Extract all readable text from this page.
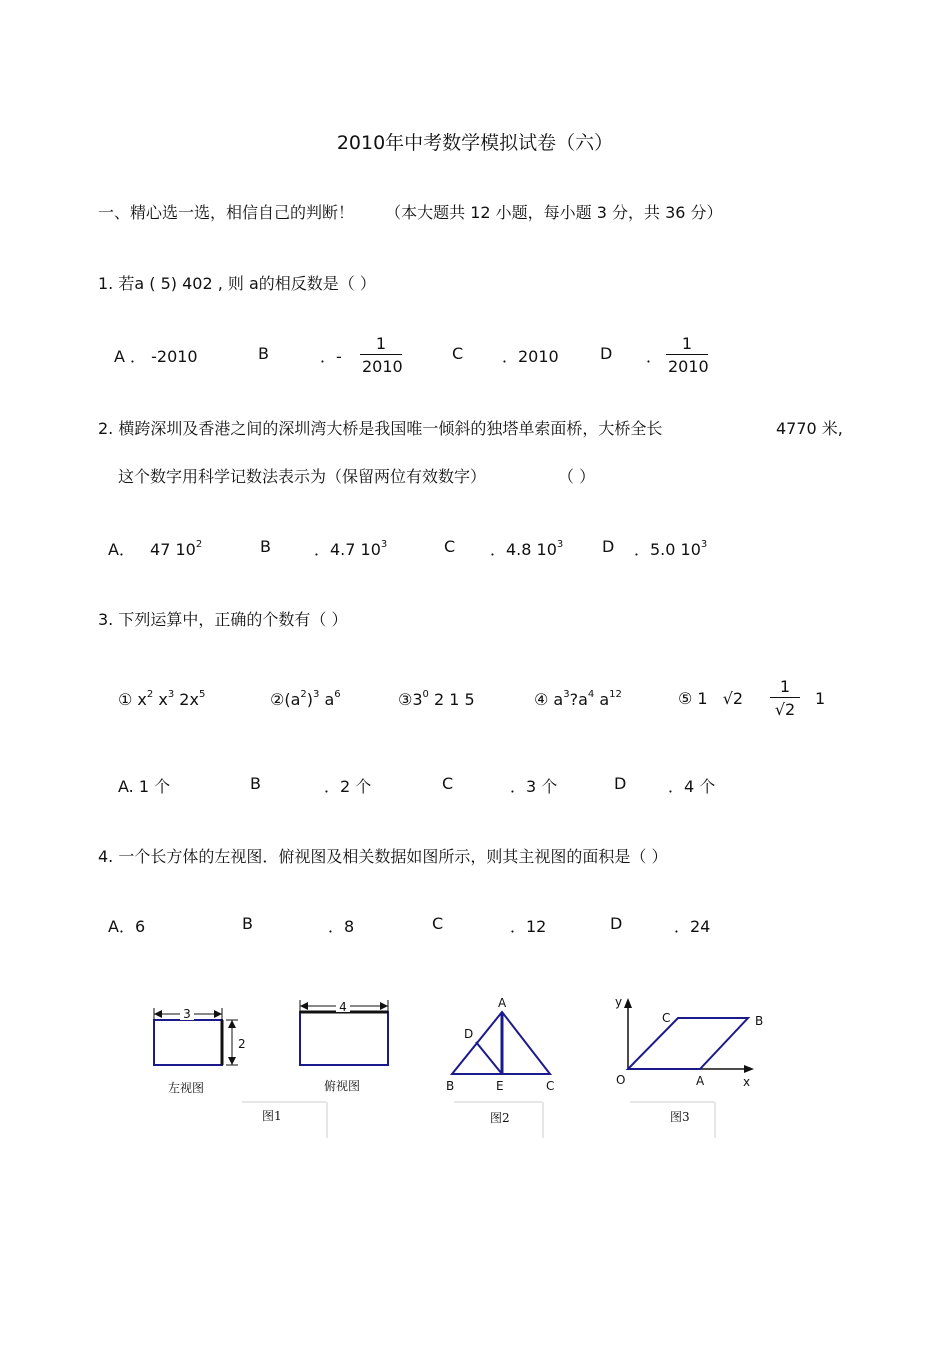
2010年中考数学模拟试卷（六）
一、精心选一选，相信自己的判断！ （本大题共 12 小题，每小题 3 分，共 36 分）
1. 若a ( 5) 402 , 则 a的相反数是（ ）
A ． -2010	B	．-
1
2010
C ．2010	D ．
1
2010
2. 横跨深圳及香港之间的深圳湾大桥是我国唯一倾斜的独塔单索面桥，大桥全长	4770 米,
这个数字用科学记数法表示为（保留两位有效数字）	（ ）
A． 47 $10^2$	B	．4.7 $10^3$	C ．4.8 $10^3$ D ．5.0 $10^3$
3. 下列运算中，正确的个数有（ ）
① $x^2$ $x^3$ $2x^5$	$②(a^2)^3$ $a^6$	$③3^0$ 2 1 5	④ $a^3?a^4$ $a^{12}$	⑤ 1 √2
1
√2
1
A. 1 个	B	．2 个	C	．3 个	D	．4 个
4. 一个长方体的左视图．俯视图及相关数据如图所示，则其主视图的面积是（ ）
A．6	B	．8	C	．12	D	．24
3
2
左视图
4
俯视图
图1
A
D
B	E	C
图2
y
x
O	A
B
C
图3
